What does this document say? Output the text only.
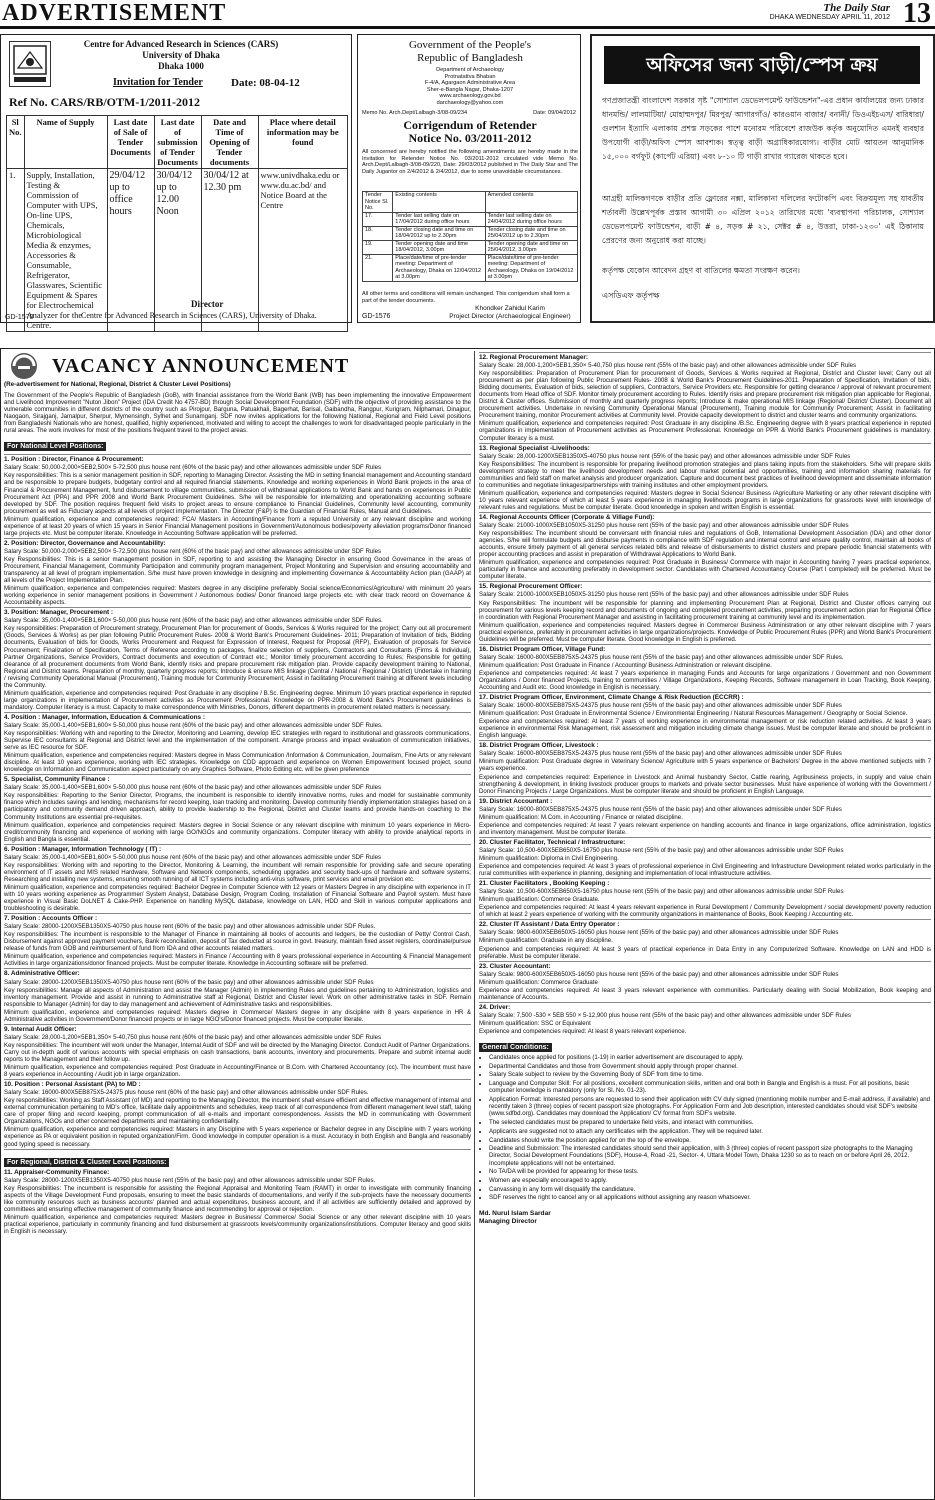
ADVERTISEMENT	The Daily Star
DHAKA WEDNESDAY APRIL 11, 2012 13
Centre for Advanced Research in Sciences (CARS)
University of Dhaka
Dhaka 1000
Invitation for Tender	Date: 08-04-12
Ref No. CARS/RB/OTM-1/2011-2012
Sl No.	Name of Supply	Last date of Sale of Tender Documents	Last date of submission of Tender Documents	Date and Time of Opening of Tender documents	Place where detail information may be found
1.	Supply, Installation, Testing & Commission of Computer with UPS, On-line UPS, Chemicals, Microbiological Media & enzymes, Accessories & Consumable, Refrigerator, Glasswares, Scientific Equipment & Spares for Electrochemical Analyzer for the Centre.	29/04/12 up to office hours	30/04/12 up to 12.00 Noon	30/04/12 at 12.30 pm	www.univdhaka.edu or www.du.ac.bd/ and Notice Board at the Centre
Director
Centre for Advanced Research in Sciences (CARS), University of Dhaka.
GD-1570
Government of the People's
Republic of Bangladesh
Department of Archaeology
Protnatattva Bhaban
F-4/A, Agargaon Administrative Area
Sher-e-Bangla Nagar, Dhaka-1207
www.archaeology.gov.bd
darchaeology@yahoo.com
Memo No. Arch.Dept/Lalbagh-3/08-09/234	Date: 09/04/2012
Corrigendum of Retender
Notice No. 03/2011-2012
All concerned are hereby notified the following amendments are hereby made in the Invitation for Retender Notice No. 03/2011-2012 circulated vide Memo No. Arch.Dept/Lalbagh-3/08-09/220, Date: 29/03/2012 published in The Daily Star and The Daily Jugantor on 2/4/2012 & 2/4/2012, due to some unavoidable circumstances.
Tender Notice Sl. No.	Existing contents	Amended contents
17.	Tender last selling date on 17/04/2012 during office hours	Tender last selling date on 24/04/2012 during office hours
18.	Tender closing date and time on 18/04/2012 up to 2.30pm	Tender closing date and time on 25/04/2012 up to 2.30pm
19.	Tender opening date and time 18/04/2012, 3.00pm	Tender opening date and time on 25/04/2012, 3.00pm
21.	Place/date/time of pre-tender meeting: Department of Archaeology, Dhaka on 12/04/2012 at 3.00pm	Place/date/time of pre-tender meeting: Department of Archaeology, Dhaka on 19/04/2012 at 3.00pm
All other terms and conditions will remain unchanged. This corrigendum shall form a part of the tender documents.
Khondker Zahidul Karim
Project Director (Archaeological Engineer)
GD-1576
অফিসের জন্য বাড়ী/স্পেস ক্রয়
গণপ্রজাতন্ত্রী বাংলাদেশ সরকার সৃষ্ট "সোশ্যাল ডেভেলপমেন্ট ফাউন্ডেশন"-এর প্রধান কার্যালয়ের জন্য ঢাকার ধানমন্ডি/ লালমাটিয়া/ মোহাম্মদপুর/ মিরপুর/ আগারগাঁও/ কারওয়ান বাজার/ বনানী/ ডিওএইচএস/ বারিধারা/ গুলশান ইত্যাদি এলাকায় প্রশস্ত সড়কের পাশে মনোরম পরিবেশে রাজউক কর্তৃক অনুমোদিত এমনই ব্যবহার উপযোগী বাড়ী/অফিস স্পেস আবশ্যক। স্বত্ত্ব বাড়ী অগ্রাধিকারযোগ্য। বাড়ীর মোট আয়তন আনুমানিক ১৫,০০০ বর্গফুট (কার্পেট এরিয়া) এবং ৮-১০ টি গাড়ী রাখার গ্যারেজ থাকতে হবে।
আগ্রহী মালিকগণকে বাড়ীর প্রতি ফ্লোরের নক্সা, মালিকানা দলিলের ফটোকপি এবং বিক্রয়মূল্য সহ যাবতীয় শর্তাবলী উল্লেখপূর্বক প্রস্তাব আগামী ৩০ এপ্রিল ২০১২ তারিখের মধ্যে 'ব্যবস্থাপনা পরিচালক, সোশ্যাল ডেভেলপমেন্ট ফাউন্ডেশন, বাড়ী # ৪, সড়ক # ২১, সেক্টর # ৪, উত্তরা, ঢাকা-১২৩০' এই ঠিকানায় প্রেরণের জন্য অনুরোধ করা যাচ্ছে।
কর্তৃপক্ষ যেকোন আবেদন গ্রহণ বা বাতিলের ক্ষমতা সংরক্ষণ করেন।
এসডিএফ কর্তৃপক্ষ
VACANCY ANNOUNCEMENT

(Re-advertisement for National, Regional, District & Cluster Level Positions)

The Government of the People's Republic of Bangladesh (GoB), with financial assistance from the World Bank (WB) has been implementing the innovative Empowerment and Livelihood Improvement "Nuton Jibon" Project (IDA Credit No 4757-BD) through Social Development Foundation (SDF) with the objective of providing assistance to the vulnerable communities in different districts of the country such as Pirojpur, Barguna, Patuakhali, Bagerhat, Barisal, Gaibandha, Rangpur, Kurigram, Nilphamari, Dinajpur, Naogaon, Sirajganj, Jamalpur, Sherpur, Mymensingh, Sylhet and Sunamganj. SDF now invites applications for the following National, Regional and Field Level positions from Bangladeshi Nationals who are honest, qualified, highly experienced, motivated and willing to accept the challenges to work for disadvantaged people particularly in the rural areas. The work involves for most of the positions frequent travel to the project areas.

For National Level Positions:

1. Position : Director, Finance & Procurement:

Salary Scale: 50,000-2,000×5EB2,500× 5-72,500 plus house rent (60% of the basic pay) and other allowances admissible under SDF Rules

Key responsibilities: This is a senior management position in SDF, reporting to Managing Director. Assisting the MD in setting financial management and Accounting standard and be responsible to prepare budgets, budgetary control and all required financial statements. Knowledge and working experiences in World Bank projects in the area of Financial & Procurement Management, fund disbursement to village communities, submission of withdrawal applications to World Bank and hands on experiences in Public Procurement Act (PPA) and PPR 2008 and World Bank Procurement Guidelines. S/he will be responsible for internalizing and operationalizing accounting software developed by SDF. The position requires frequent field visits to project areas to ensure compliance to Financial Guidelines, Community level accounting, community procurement as well as Fiduciary aspects at all levels of project implementation. The Director (F&P) is the Guardian of Financial Rules, Manual and Guidelines.

Minimum qualification, experience and competencies required: FCA/ Masters in Accounting/Finance from a reputed University or any relevant discipline and working experience of at least 20 years of which 15 years in Senior Financial Management positions in Government/Autonomous bodies/poverty alleviation programs/Donor financed large projects etc. Must be computer literate. Knowledge in Accounting Software application will be preferred.

2. Position: Director, Governance and Accountability:

Salary Scale: 50,000-2,000×5EB2,500× 5-72,500 plus house rent (60% of the basic pay) and other allowances admissible under SDF Rules

Key Responsibilities: This is a senior management position in SDF, reporting to and assisting the Managing Director in ensuring Good Governance in the areas of Procurement, Financial Management, Community Participation and community program management, Project Monitoring and Supervision and ensuring accountability and transparency at all level of program implementation. S/he must have proven knowledge in designing and implementing Governance & Accountability Action plan (GAAP) at all levels of the Project Implementation Plan.

Minimum qualification, experience and competencies required: Masters degree in any discipline preferably Social science/Economics/Agriculture/ with minimum 20 years working experience in senior management positions in Government / Autonomous bodies/ Donor financed large projects etc. with clear track record on Governance & Accountability aspects.

3. Position: Manager, Procurement :

Salary Scale: 35,000-1,400×5EB1,600× 5-50,000 plus house rent (60% of the basic pay) and other allowances admissible under SDF Rules.

Key responsibilities: Preparation of Procurement strategy, Procurement Plan for procurement of Goods, Services & Works required for the project; Carry out all procurement (Goods, Services & Works) as per plan following Public Procurement Rules- 2008 & World Bank's Procurement Guidelines- 2011; Preparation of Invitation of bids, Bidding documents, Evaluation of bids for Goods, Works Procurement and Request for Expression of Interest, Request for Proposal (RFP), Evaluation of proposals for Service Procurement; Finalization of Specification, Terms of Reference according to packages, finalize selection of suppliers, Contractors and Consultants (Firms & Individual), Partner Organizations, Service Providers, Contract documents and execution of Contract etc.; Monitor timely procurement according to Rules; Responsible for getting clearance of all procurement documents from World Bank, identify risks and prepare procurement risk mitigation plan. Provide capacity development training to National, Regional and District teams. Preparation of monthly, quarterly progress reports; Introduce & ensure MIS linkage (Central / National / Regional / District) Undertake in framing / revising Community Operational Manual (Procurement), Training module for Community Procurement; Assist in facilitating Procurement training at different levels including the Community.

Minimum qualification, experience and competencies required: Post Graduate in any discipline / B.Sc. Engineering degree. Minimum 10 years practical experience in reputed large organizations in implementation of Procurement activities as Procurement Professional. Knowledge on PPR-2008 & World Bank's Procurement guidelines is mandatory. Computer literacy is a must. Capacity to make correspondence with Ministries, Donors, different departments in procurement related matters is necessary.

4. Position : Manager, Information, Education & Communications :

Salary Scale: 35,000-1,400×5EB1,600× 5-50,000 plus house rent (60% of the basic pay) and other allowances admissible under SDF Rules.

Key responsibilities: Working with and reporting to the Director, Monitoring and Learning, develop IEC strategies with regard to institutional and grassroots communications, Supervise IEC consultants at Regional and District level and the implementation of the component. Arrange process and impact evaluation of communication initiatives, serve as IEC resource for SDF.

Minimum qualification, experience and competencies required: Masters degree in Mass Communication /Information & Communication, Journalism, Fine Arts or any relevant discipline. At least 10 years experience, working with IEC strategies. Knowledge on CDD approach and experience on Women Empowerment focused project, sound knowledge on Information and Communication aspect particularly on any Graphics Software, Photo Editing etc. will be given preference

5. Specialist, Community Finance :

Salary Scale: 35,000-1,400×5EB1,600× 5-50,000 plus house rent (60% of the basic pay) and other allowances admissible under SDF Rules

Key responsibilities: Reporting to the Senior Director, Programs, the incumbent is responsible to identify innovative norms, rules and model for sustainable community finance which includes savings and lending, mechanisms for record keeping, loan tracking and monitoring. Develop community friendly implementation strategies based on a participatory and community demand driven approach, ability to provide leadership to the Regional, District and Cluster teams and provide hands-on coaching to the Community Institutions are essential pre-requisites.

Minimum qualification, experience and competencies required: Masters degree in Social Science or any relevant discipline with minimum 10 years experience in Micro- credit/community financing and experience of working with large GO/NGOs and community organizations. Computer literacy with ability to provide analytical reports in English and Bangla is essential.

6. Position : Manager, Information Technology ( IT) :

Salary Scale: 35,000-1,400×5EB1,600× 5-50,000 plus house rent (60% of the basic pay) and other allowances admissible under SDF Rules

Key responsibilities: Working with and reporting to the Director, Monitoring & Learning, the incumbent will remain responsible for providing safe and secure operating environment of IT assets and MIS related Hardware, Software and Network components, scheduling upgrades and security back-ups of hardware and software systems; Researching and installing new systems, ensuring smooth running of all ICT systems including anti-virus software, print services and email provision etc.

Minimum qualification, experience and competencies required: Bachelor Degree in Computer Science with 12 years or Masters Degree in any discipline with experience in IT with 10 years working experience as Programmer/ System Analyst, Database Design, Program Coding, Installation of Financial Software and Payroll system. Must have experience in Visual Basic DoLNET & Cake-PHP. Experience on handling MySQL database, knowledge on LAN, HDD and Skill in various computer applications and troubleshooting is desirable.

7. Position : Accounts Officer :

Salary Scale: 28000-1200X5EB1350X5-40750 plus house rent (60% of the basic pay) and other allowances admissible under SDF Rules.

Key responsibilities: The incumbent is responsible to the Manager of Finance in maintaining all books of accounts and ledgers, be the custodian of Petty/ Control Cash, Disbursement against approved payment vouchers, Bank reconciliation, deposit of Tax deducted at source in govt. treasury, maintain fixed asset registers, coordinate/pursue release of funds from GOB and reimbursement of fund from IDA and other accounts related matters.

Minimum qualification, experience and competencies required: Masters in Finance / Accounting with 8 years professional experience in Accounting & Financial Management Activities in large organizations/donor financed projects. Must be computer literate. Knowledge in Accounting software will be preferred.

8. Administrative Officer:

Salary Scale: 28000-1200X5EB1350X5-40750 plus house rent (60% of the basic pay) and other allowances admissible under SDF Rules

Key responsibilities: Manage all aspects of Administration and assist the Manager (Admin) in implementing Rules and guidelines pertaining to Administration, logistics and inventory management. Provide and assist in running to Administrative staff at Regional, District and Cluster level. Work on other administrative tasks in SDF. Remain responsible to Manager (Admin) for day to day management and achievement of Administrative tasks and responsibilities.

Minimum qualification, experience and competencies required: Masters degree in Commerce/ Masters degree in any discipline with 8 years experience in HR & Administrative activities in Government/Donor financed projects or in large NGO's/Donor financed projects. Must be computer literate.

9. Internal Audit Officer:

Salary Scale: 28,000-1,200×5EB1,350× 5-40,750 plus house rent (60% of the basic pay) and other allowances admissible under SDF Rules

Key responsibilities: The incumbent will work under the Manager, Internal Audit of SDF and will be directed by the Managing Director. Conduct Audit of Partner Organizations. Carry out in-depth audit of various accounts with special emphasis on cash transactions, bank accounts, inventory and procurements. Prepare and submit internal audit reports to the Management and their follow up.

Minimum qualification, experience and competencies required: Post Graduate in Accounting/Finance or B.Com. with Chartered Accountancy (cc). The incumbent must have 8 years experience in Accounting / Audit job in large organization.

10. Position : Personal Assistant (PA) to MD :

Salary Scale: 16000-800X5EB875X5-24375 plus house rent (60% of the basic pay) and other allowances admissible under SDF Rules.

Key responsibilities: Working as Staff Assistant (of MD) and reporting to the Managing Director, the incumbent shall ensure efficient and effective management of internal and external communication pertaining to MD's office, facilitate daily appointments and schedules, keep track of all correspondence from different management level staff, taking care of proper filing and record keeping, prompt communication of all e-mails and important correspondences. Assists the MD in communicating with Government Organizations, NGOs and other concerned departments and maintaining confidentiality.

Minimum qualification, experience and competencies required: Masters in any Discipline with 5 years experience or Bachelor degree in any Discipline with 7 years working experience as PA or equivalent position in reputed organization/Firm. Good knowledge in computer operation is a must. Accuracy in both English and Bangla and reasonably good typing speed is necessary.

For Regional, District & Cluster Level Positions:

11. Appraiser-Community Finance:

Salary Scale: 28000-1200X5EB1350X5-40750 plus house rent (55% of the basic pay) and other allowances admissible under SDF Rules.

Key Responsibilities: The incumbent is responsible for assisting the Regional Appraisal and Monitoring Team (RAMT) in order to investigate with community financing aspects of the Village Development Fund proposals, ensuring to meet the basic standards of documentations, and verify if the sub-projects have the necessary documents like community resources such as business accounts' planned and actual expenditures, business account, and if all activities are sufficiently detailed and approved by committees and ensuring effective management of community finance and recommending for approval or rejection.

Minimum qualification, experience and competencies required: Masters degree in Business/ Commerce/ Social Science or any other relevant discipline with 10 years practical experience, particularly in community financing and fund disbursement at grassroots levels/community organizations/institutions. Computer literacy and good skills in English is necessary.

12. Regional Procurement Manager:

Salary Scale: 28,000-1,200×5EB1,350× 5-40,750 plus house rent (55% of the basic pay) and other allowances admissible under SDF Rules

Key responsibilities: Preparation of Procurement Plan for procurement of Goods, Services & Works required at Regional, District and Cluster level; Carry out all procurement as per plan following Public Procurement Rules- 2008 & World Bank's Procurement Guidelines-2011. Preparation of Specification, Invitation of bids, Bidding documents, Evaluation of bids, selection of suppliers, Contractors, Service Providers etc. Responsible for getting clearance / approval of relevant procurement documents from Head office of SDF. Monitor timely procurement according to Rules. Identify risks and prepare procurement risk mitigation plan applicable for Regional, District & Cluster offices. Submission of monthly and quarterly progress reports; Introduce & make operational MIS linkage (Regional/ District/ Cluster). Document all procurement activities. Undertake in revising Community Operational Manual (Procurement), Training module for Community Procurement; Assist in facilitating Procurement training, monitor Procurement activities at Community level. Provide capacity development to district and cluster teams and community organizations.

Minimum qualification, experience and competencies required: Post Graduate in any discipline /B.Sc. Engineering degree with 8 years practical experience in reputed organizations in implementation of Procurement activities as Procurement Professional. Knowledge on PPR & World Bank's Procurement guidelines is mandatory. Computer literacy is a must.

13. Regional Specialist -Livelihoods:

Salary Scale: 28,000-1200X5EB1350X5-40750 plus house rent (55% of the basic pay) and other allowances admissible under SDF Rules

Key Responsibilities: The incumbent is responsible for preparing livelihood promotion strategies and plans taking inputs from the stakeholders. S/he will prepare skills development strategy to meet the livelihood development needs and labour market potential and opportunities, training and information sharing materials for communities and field staff on market analysis and producer organization. Capture and document best practices of livelihood development and disseminate information to communities and negotiate linkages/partnerships with training institutes and other employment providers.

Minimum qualification, experience and competencies required: Masters degree in Social Science/ Business /Agriculture Marketing or any other relevant discipline with 10 years relevant experience of which at least 5 years experience in managing livelihoods programs in large organizations for grassroots level with knowledge of relevant rules and regulations. Must be computer literate. Good knowledge in spoken and written English is essential.

14. Regional Accounts Officer (Corporate & Village Fund):

Salary Scale: 21000-1000X5EB1050X5-31250 plus house rent (55% of the basic pay) and other allowances admissible under SDF Rules

Key responsibilities: The incumbent should be conversant with financial rules and regulations of GoB, International Development Association (IDA) and other donor agencies. S/he will formulate budgets and disburse payments in compliance with SDF regulation and internal control and ensure quality control, maintain all books of accounts, ensure timely payment of all general services related bills and release of disbursements to district clusters and prepare periodic financial statements with proper accounting practices and assist in preparation of Withdrawal Applications to World Bank.

Minimum qualification, experience and competencies required: Post Graduate in Business/ Commerce with major in Accounting having 7 years practical experience, particularly in finance and accounting preferably in development sector. Candidates with Chartered Accountancy Course (Part I completed) will be preferred. Must be computer literate.

15. Regional Procurement Officer:

Salary Scale: 21000-1000X5EB1050X5-31250 plus house rent (55% of the basic pay) and other allowances admissible under SDF Rules

Key Responsibilities: The incumbent will be responsible for planning and implementing Procurement Plan at Regional, District and Cluster offices carrying out procurement for various levels keeping record and documents of ongoing and completed procurement activities, preparing procurement action plan for Regional Office in coordination with Regional Procurement Manager and assisting in facilitating procurement training at community level and its implementation.

Minimum qualification, experience and competencies required: Masters degree in Commerce/ Business Administration or any other relevant discipline with 7 years practical experience, preferably in procurement activities in large organizations/projects. Knowledge of Public Procurement Rules (PPR) and World Bank's Procurement Guidelines will be preferred. Must be computer literate. Good knowledge in English is preferred.

16. District Program Officer, Village Fund:

Salary Scale: 16000-800X5EB875X5-24375 plus house rent (55% of the basic pay) and other allowances admissible under SDF Rules.

Minimum qualification: Post Graduate in Finance / Accounting/ Business Administration or relevant discipline.

Experience and competencies required: At least 7 years experience in managing Funds and Accounts for large organizations / Government and non Government Organizations / Donor financed Projects, training to communities / Village Organizations, Keeping Records, Software management in Loan Tracking, Book Keeping, Accounting and Audit etc. Good knowledge in English is necessary.

17. District Program Officer, Environment, Climate Change & Risk Reduction (ECCRR) :

Salary Scale: 16000-800X5EB875X5-24375 plus house rent (55% of the basic pay) and other allowances admissible under SDF Rules

Minimum qualification: Post Graduate in Environmental Science / Environmental Engineering / Natural Resources Management / Geography or Social Science.

Experience and competencies required: At least 7 years of working experience in environmental management or risk reduction related activities. At least 3 years experience in environmental Risk Management, risk assessment and mitigation including climate change issues. Must be computer literate and should be proficient in English language.

18. District Program Officer, Livestock :

Salary Scale: 16000-800X5EB875X5-24375 plus house rent (55% of the basic pay) and other allowances admissible under SDF Rules

Minimum qualification: Post Graduate degree in Veterinary Science/ Agriculture with 5 years experience or Bachelors' Degree in the above mentioned subjects with 7 years experience.

Experience and competencies required: Experience in Livestock and Animal husbandry Sector, Cattle rearing, Agribusiness projects, in supply and value chain strengthening & development, in linking livestock producer groups to markets and private sector businesses. Must have experience of working with the Government / Donor Financing Projects / Large Organizations. Must be computer literate and should be proficient in English Language.

19. District Accountant :

Salary Scale: 16000-800X5EB875X5-24375 plus house rent (55% of the basic pay) and other allowances admissible under SDF Rules

Minimum qualification: M.Com. in Accounting / Finance or related discipline.

Experience and competencies required: At least 7 years relevant experience on handling accounts and finance in large organizations, office administration, logistics and inventory management. Must be computer literate.

20. Cluster Facilitator, Technical / Infrastructure:

Salary Scale: 10,500-600X5EB650X5-16750 plus house rent (55% of the basic pay) and other allowances admissible under SDF Rules

Minimum qualification: Diploma in Civil Engineering.

Experience and competencies required: At least 3 years of professional experience in Civil Engineering and Infrastructure Development related works particularly in the rural communities with experience in planning, designing and implementation of local infrastructure activities.

21. Cluster Facilitators , Booking Keeping :

Salary Scale: 10,500-600X5EB650X5-16750 plus house rent (55% of the basic pay) and other allowances admissible under SDF Rules

Minimum qualification: Commerce Graduate.

Experience and competencies required: At least 4 years relevant experience in Rural Development / Community Development / social development/ poverty reduction of which at least 2 years experience of working with the community organizations in maintenance of Books, Book Keeping / Accounting etc.

22. Cluster IT Assistant / Data Entry Operator :

Salary Scale: 9800-600X5EB650X5-16050 plus house rent (55% of the basic pay) and other allowances admissible under SDF Rules

Minimum qualification: Graduate in any discipline.

Experience and competencies required: At least 3 years of practical experience in Data Entry in any Computerized Software. Knowledge on LAN and HDD is preferable. Must be computer literate.

23. Cluster Accountant:

Salary Scale: 9800-600X5EB650X5-16050 plus house rent (55% of the basic pay) and other allowances admissible under SDF Rules

Minimum qualification: Commerce Graduate

Experience and competencies required: At least 3 years relevant experience with communities. Particularly dealing with Social Mobilization, Book keeping and maintenance of Accounts.

24. Driver:

Salary Scale: 7,500 -530 × 5EB 550 × 5-12,900 plus house rent (55% of the basic pay) and other allowances admissible under SDF Rules

Minimum qualification: SSC or Equivalent

Experience and competencies required: At least 8 years relevant experience.

General Conditions:
• Candidates once applied for positions (1-19) in earlier advertisement are discouraged to apply.
• Departmental Candidates and those from Government should apply through proper channel.
• Salary Scale subject to review by the Governing Body of SDF from time to time.
• Language and Computer Skill: For all positions, excellent communication skills, written and oral both in Bangla and English is a must. For all positions, basic computer knowledge is mandatory (only for Sl. No. 01-23).
• Application Format: Interested persons are requested to send their application with CV duly signed (mentioning mobile number and E-mail address, if available) and recently taken 3 (three) copies of recent passport size photographs. For Application Form and Job description, interested candidates should visit SDF's website (www.sdfbd.org). Candidates may download the Application/ CV format from SDF's website.
• The selected candidates must be prepared to undertake field visits, and interact with communities.
• Applicants are suggested not to attach any certificates with the application. They will be required later.
• Candidates should write the position applied for on the top of the envelope.
• Deadline and Submission: The interested candidates should send their application, with 3 (three) copies of recent passport size photographs to the Managing Director, Social Development Foundations (SDF), House-4, Road -21, Sector- 4, Uttara Model Town, Dhaka 1230 so as to reach on or before April 26, 2012. Incomplete applications will not be entertained.
• No TA/DA will be provided for appearing for these tests.
• Women are especially encouraged to apply.
• Canvassing in any form will disqualify the candidature.
• SDF reserves the right to cancel any or all applications without assigning any reason whatsoever.

Md. Nurul Islam Sardar

Managing Director
